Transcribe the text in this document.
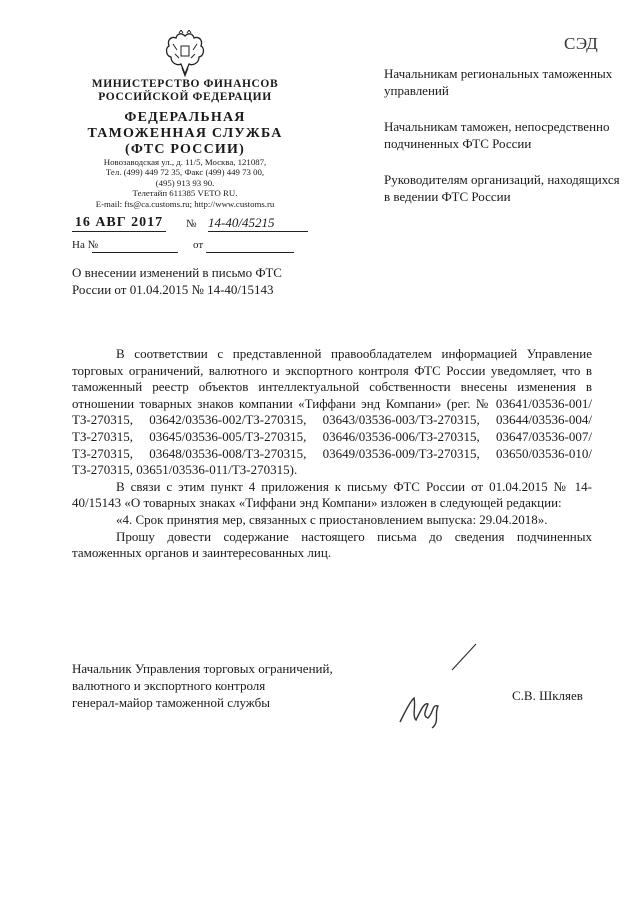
СЭД
МИНИСТЕРСТВО ФИНАНСОВ
РОССИЙСКОЙ ФЕДЕРАЦИИ
ФЕДЕРАЛЬНАЯ
ТАМОЖЕННАЯ СЛУЖБА
(ФТС РОССИИ)
Новозаводская ул., д. 11/5, Москва, 121087,
Тел. (499) 449 72 35, Факс (499) 449 73 00,
(495) 913 93 90.
Телетайп 611385 VETO RU.
E-mail: fts@ca.customs.ru; http://www.customs.ru
16 АВГ 2017 № 14-40/45215
На №	от
Начальникам региональных таможенных управлений
Начальникам таможен, непосредственно подчиненных ФТС России
Руководителям организаций, находящихся в ведении ФТС России
О внесении изменений в письмо ФТС России от 01.04.2015 № 14-40/15143

В соответствии с представленной правообладателем информацией Управление торговых ограничений, валютного и экспортного контроля ФТС России уведомляет, что в таможенный реестр объектов интеллектуальной собственности внесены изменения в отношении товарных знаков компании «Тиффани энд Компани» (рег. № 03641/03536-001/ТЗ-270315, 03642/03536-002/ТЗ-270315, 03643/03536-003/ТЗ-270315, 03644/03536-004/ТЗ-270315, 03645/03536-005/ТЗ-270315, 03646/03536-006/ТЗ-270315, 03647/03536-007/ТЗ-270315, 03648/03536-008/ТЗ-270315, 03649/03536-009/ТЗ-270315, 03650/03536-010/ТЗ-270315, 03651/03536-011/ТЗ-270315).

В связи с этим пункт 4 приложения к письму ФТС России от 01.04.2015 № 14-40/15143 «О товарных знаках «Тиффани энд Компани» изложен в следующей редакции:

«4. Срок принятия мер, связанных с приостановлением выпуска: 29.04.2018».

Прошу довести содержание настоящего письма до сведения подчиненных таможенных органов и заинтересованных лиц.

Начальник Управления торговых ограничений,
валютного и экспортного контроля
генерал-майор таможенной службы	С.В. Шкляев
